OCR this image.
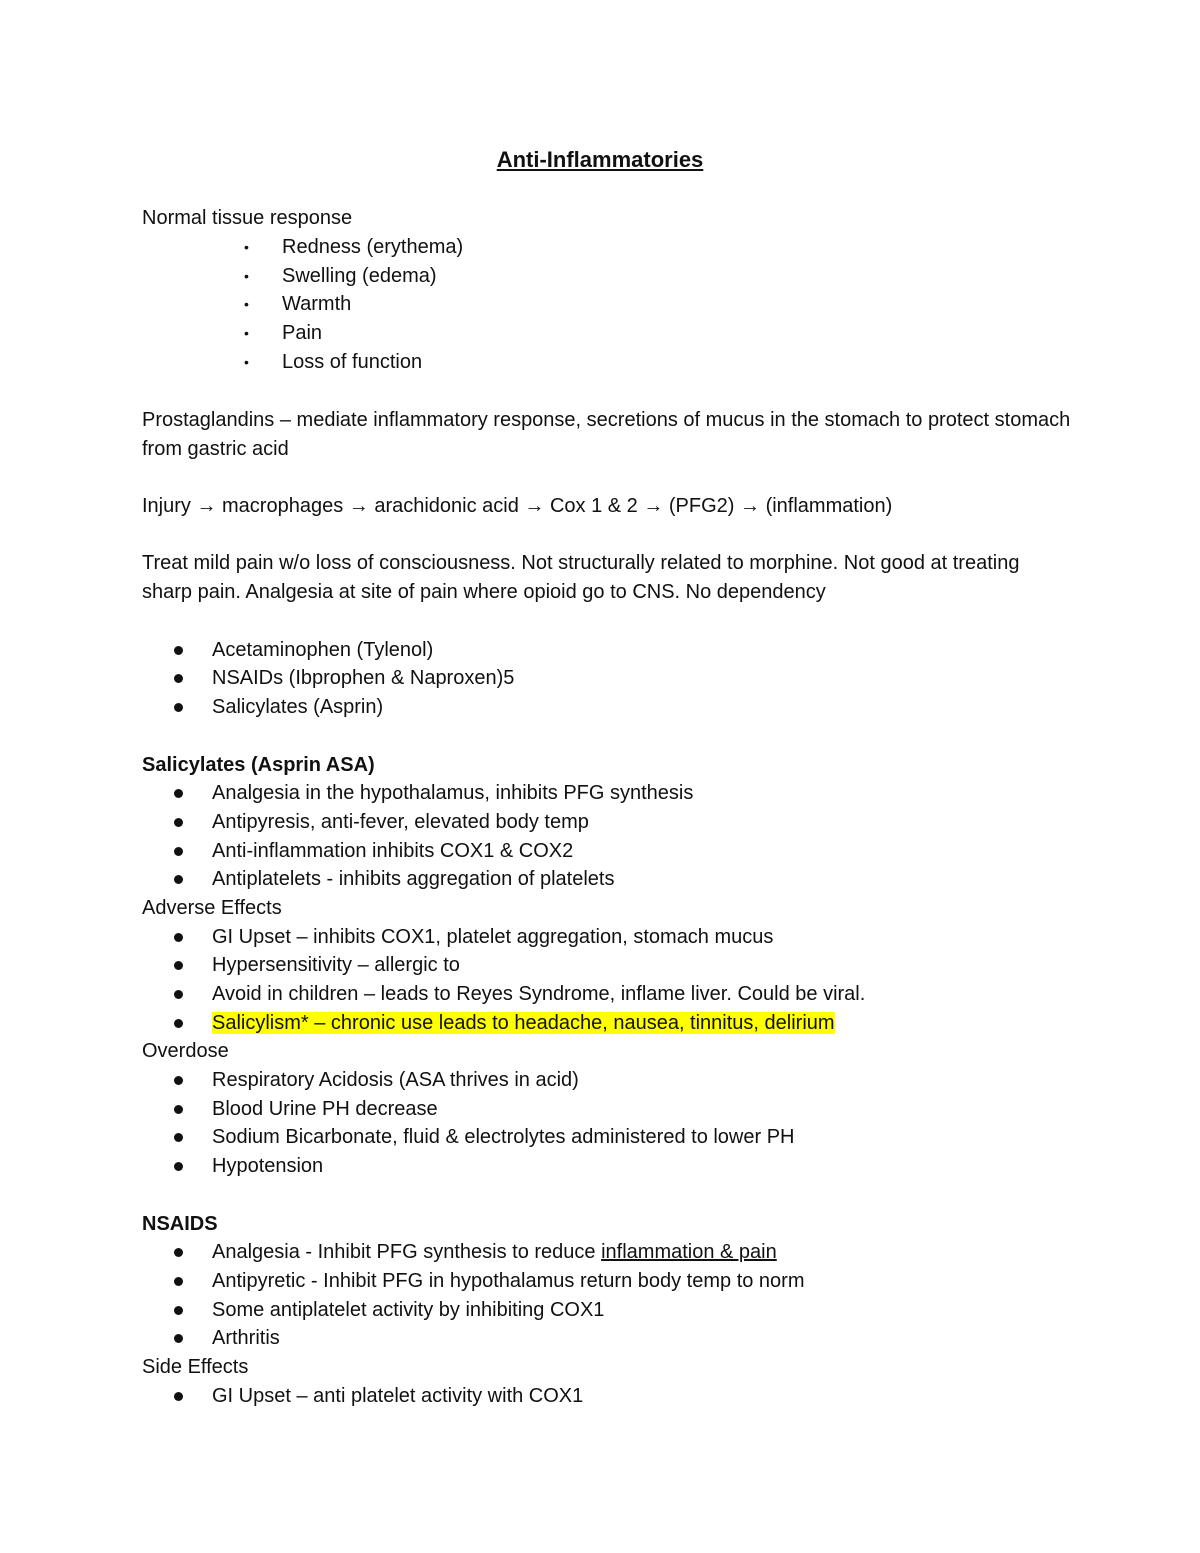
Anti-Inflammatories
Normal tissue response
• Redness (erythema)
• Swelling (edema)
• Warmth
• Pain
• Loss of function
Prostaglandins – mediate inflammatory response, secretions of mucus in the stomach to protect stomach from gastric acid
Injury → macrophages → arachidonic acid → Cox 1 & 2 → (PFG2) → (inflammation)
Treat mild pain w/o loss of consciousness. Not structurally related to morphine. Not good at treating sharp pain. Analgesia at site of pain where opioid go to CNS. No dependency
Acetaminophen (Tylenol)
NSAIDs (Ibprophen & Naproxen)5
Salicylates (Asprin)
Salicylates (Asprin ASA)
Analgesia in the hypothalamus, inhibits PFG synthesis
Antipyresis, anti-fever, elevated body temp
Anti-inflammation inhibits COX1 & COX2
Antiplatelets - inhibits aggregation of platelets
Adverse Effects
GI Upset – inhibits COX1, platelet aggregation, stomach mucus
Hypersensitivity – allergic to
Avoid in children – leads to Reyes Syndrome, inflame liver. Could be viral.
Salicylism* – chronic use leads to headache, nausea, tinnitus, delirium
Overdose
Respiratory Acidosis (ASA thrives in acid)
Blood Urine PH decrease
Sodium Bicarbonate, fluid & electrolytes administered to lower PH
Hypotension
NSAIDS
Analgesia - Inhibit PFG synthesis to reduce inflammation & pain
Antipyretic - Inhibit PFG in hypothalamus return body temp to norm
Some antiplatelet activity by inhibiting COX1
Arthritis
Side Effects
GI Upset – anti platelet activity with COX1
